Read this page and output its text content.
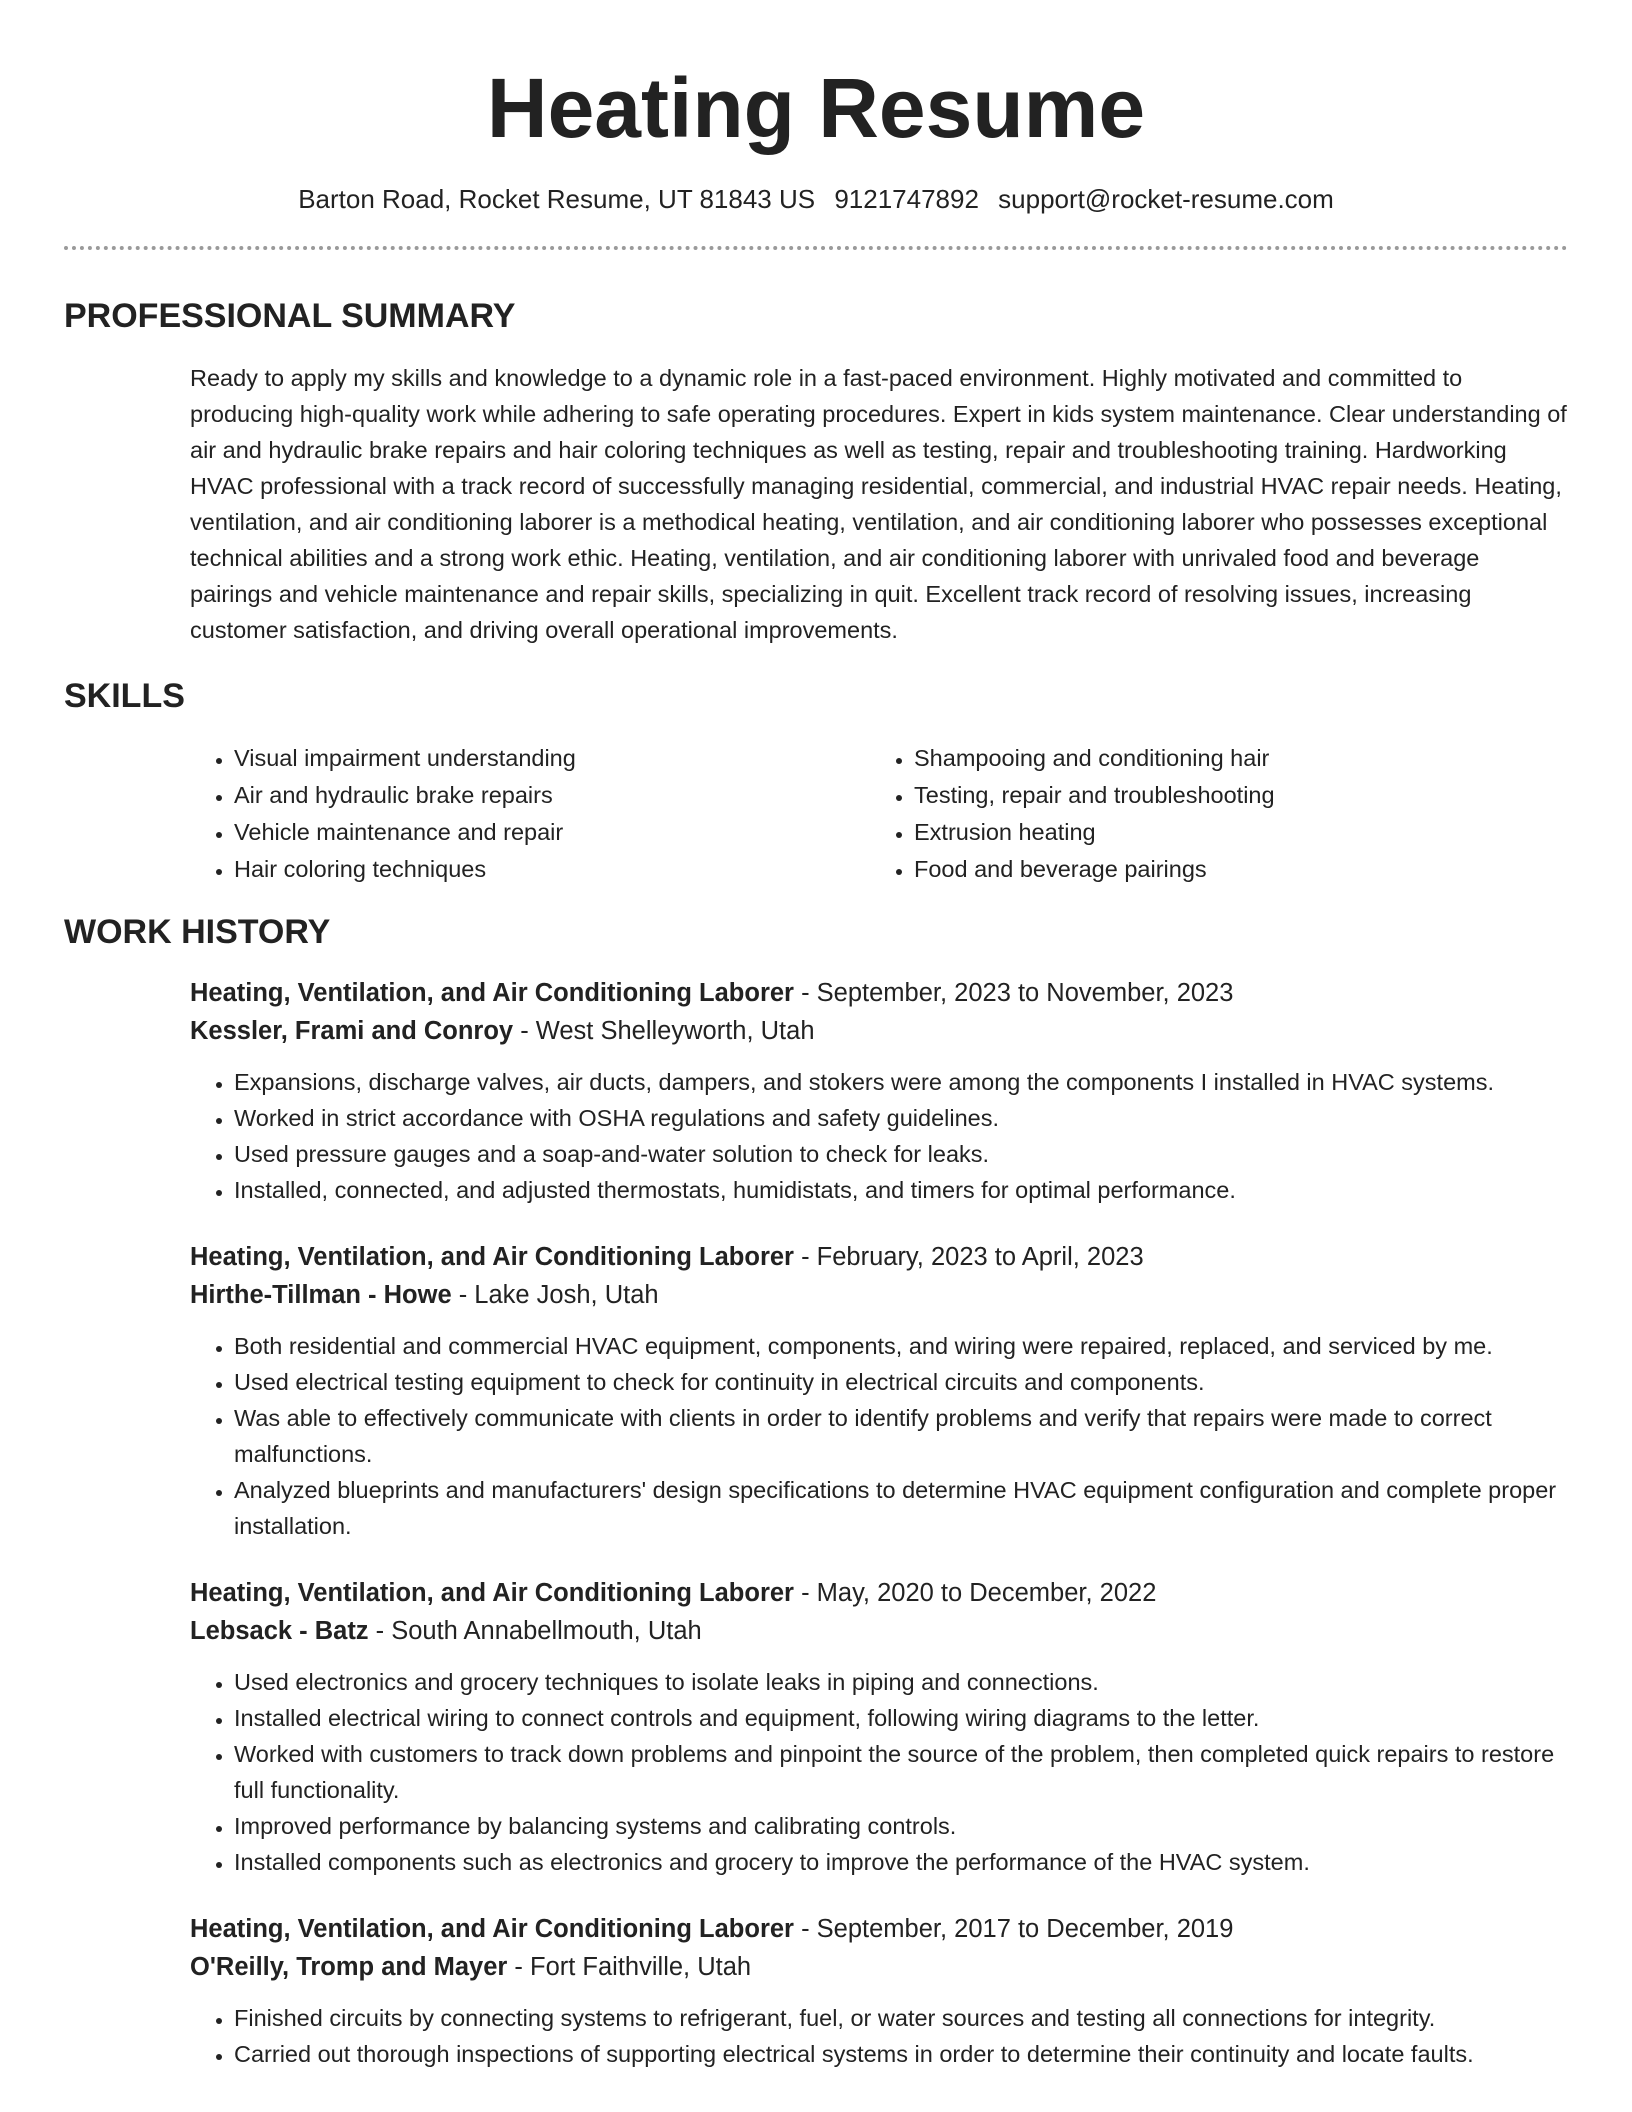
Heating Resume
Barton Road, Rocket Resume, UT 81843 US 9121747892 support@rocket-resume.com
PROFESSIONAL SUMMARY

Ready to apply my skills and knowledge to a dynamic role in a fast-paced environment. Highly motivated and committed to producing high-quality work while adhering to safe operating procedures. Expert in kids system maintenance. Clear understanding of air and hydraulic brake repairs and hair coloring techniques as well as testing, repair and troubleshooting training. Hardworking HVAC professional with a track record of successfully managing residential, commercial, and industrial HVAC repair needs. Heating, ventilation, and air conditioning laborer is a methodical heating, ventilation, and air conditioning laborer who possesses exceptional technical abilities and a strong work ethic. Heating, ventilation, and air conditioning laborer with unrivaled food and beverage pairings and vehicle maintenance and repair skills, specializing in quit. Excellent track record of resolving issues, increasing customer satisfaction, and driving overall operational improvements.

SKILLS
• Visual impairment understanding
• Air and hydraulic brake repairs
• Vehicle maintenance and repair
• Hair coloring techniques
• Shampooing and conditioning hair
• Testing, repair and troubleshooting
• Extrusion heating
• Food and beverage pairings
WORK HISTORY
Heating, Ventilation, and Air Conditioning Laborer - September, 2023 to November, 2023
Kessler, Frami and Conroy - West Shelleyworth, Utah
• Expansions, discharge valves, air ducts, dampers, and stokers were among the components I installed in HVAC systems.
• Worked in strict accordance with OSHA regulations and safety guidelines.
• Used pressure gauges and a soap-and-water solution to check for leaks.
• Installed, connected, and adjusted thermostats, humidistats, and timers for optimal performance.
Heating, Ventilation, and Air Conditioning Laborer - February, 2023 to April, 2023
Hirthe-Tillman - Howe - Lake Josh, Utah
• Both residential and commercial HVAC equipment, components, and wiring were repaired, replaced, and serviced by me.
• Used electrical testing equipment to check for continuity in electrical circuits and components.
• Was able to effectively communicate with clients in order to identify problems and verify that repairs were made to correct malfunctions.
• Analyzed blueprints and manufacturers' design specifications to determine HVAC equipment configuration and complete proper installation.
Heating, Ventilation, and Air Conditioning Laborer - May, 2020 to December, 2022
Lebsack - Batz - South Annabellmouth, Utah
• Used electronics and grocery techniques to isolate leaks in piping and connections.
• Installed electrical wiring to connect controls and equipment, following wiring diagrams to the letter.
• Worked with customers to track down problems and pinpoint the source of the problem, then completed quick repairs to restore full functionality.
• Improved performance by balancing systems and calibrating controls.
• Installed components such as electronics and grocery to improve the performance of the HVAC system.
Heating, Ventilation, and Air Conditioning Laborer - September, 2017 to December, 2019
O'Reilly, Tromp and Mayer - Fort Faithville, Utah
• Finished circuits by connecting systems to refrigerant, fuel, or water sources and testing all connections for integrity.
• Carried out thorough inspections of supporting electrical systems in order to determine their continuity and locate faults.
